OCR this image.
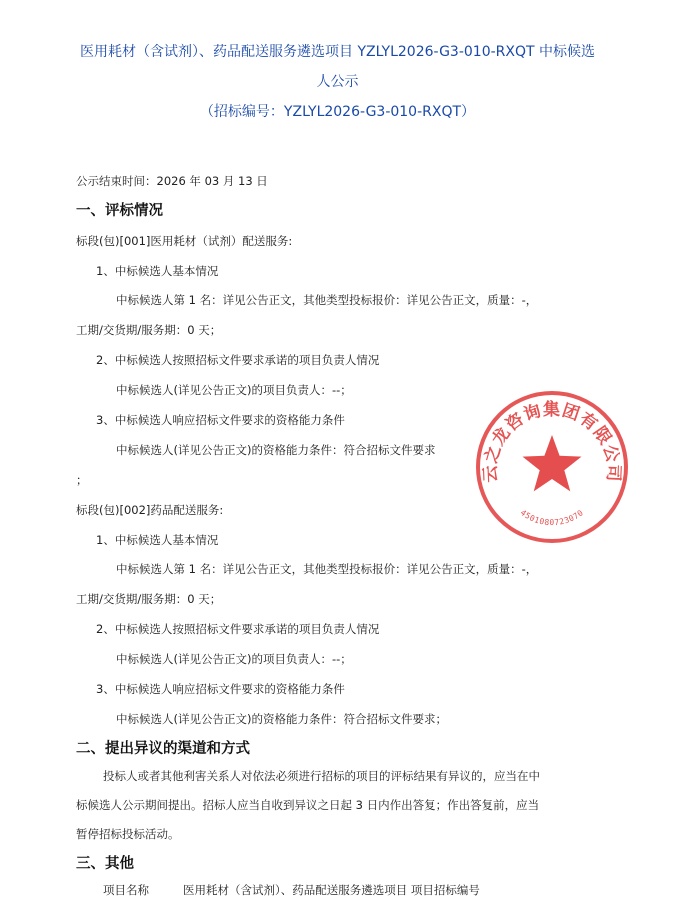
医用耗材（含试剂）、药品配送服务遴选项目 YZLYL2026-G3-010-RXQT 中标候选
人公示
（招标编号：YZLYL2026-G3-010-RXQT）
公示结束时间：2026 年 03 月 13 日
一、评标情况
标段(包)[001]医用耗材（试剂）配送服务:
1、中标候选人基本情况
中标候选人第 1 名：详见公告正文，其他类型投标报价：详见公告正文，质量：-，
工期/交货期/服务期：0 天；
2、中标候选人按照招标文件要求承诺的项目负责人情况
中标候选人(详见公告正文)的项目负责人：--；
3、中标候选人响应招标文件要求的资格能力条件
中标候选人(详见公告正文)的资格能力条件：符合招标文件要求
；
标段(包)[002]药品配送服务:
1、中标候选人基本情况
中标候选人第 1 名：详见公告正文，其他类型投标报价：详见公告正文，质量：-，
工期/交货期/服务期：0 天；
2、中标候选人按照招标文件要求承诺的项目负责人情况
中标候选人(详见公告正文)的项目负责人：--；
3、中标候选人响应招标文件要求的资格能力条件
中标候选人(详见公告正文)的资格能力条件：符合招标文件要求；
二、提出异议的渠道和方式
投标人或者其他利害关系人对依法必须进行招标的项目的评标结果有异议的，应当在中
标候选人公示期间提出。招标人应当自收到异议之日起 3 日内作出答复；作出答复前，应当
暂停招标投标活动。
三、其他
项目名称	医用耗材（含试剂）、药品配送服务遴选项目 项目招标编号
云之龙咨询集团有限公司
4501080723070
